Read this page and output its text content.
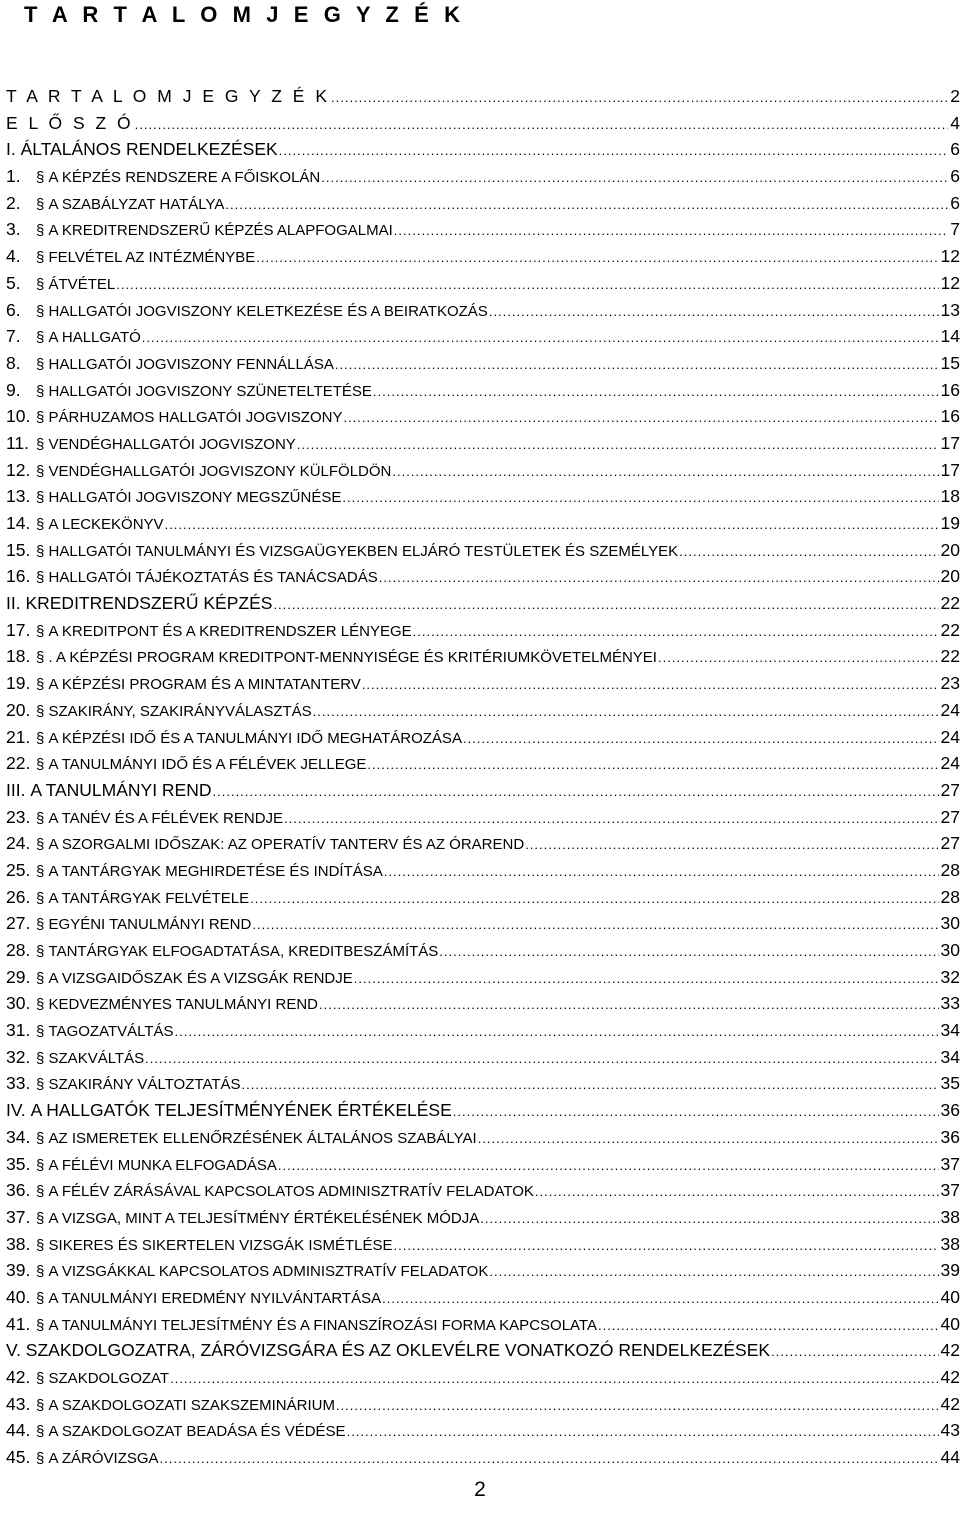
T A R T A L O M J E G Y Z É K
T A R T A L O M J E G Y Z É K .....	2
E L Ő S Z Ó .....	4
I. ÁLTALÁNOS RENDELKEZÉSEK .....	6
1.	§ A KÉPZÉS RENDSZERE A FŐISKOLÁN .....	6
2.	§ A SZABÁLYZAT HATÁLYA .....	6
3.	§ A KREDITRENDSZERŰ KÉPZÉS ALAPFOGALMAI .....	7
4.	§ FELVÉTEL AZ INTÉZMÉNYBE .....	12
5.	§ ÁTVÉTEL .....	12
6.	§ HALLGATÓI JOGVISZONY KELETKEZÉSE ÉS A BEIRATKOZÁS .....	13
7.	§ A HALLGATÓ .....	14
8.	§ HALLGATÓI JOGVISZONY FENNÁLLÁSA .....	15
9.	§ HALLGATÓI JOGVISZONY SZÜNETELTETÉSE .....	16
10. § PÁRHUZAMOS HALLGATÓI JOGVISZONY .....	16
11. § VENDÉGHALLGATÓI JOGVISZONY .....	17
12. § VENDÉGHALLGATÓI JOGVISZONY KÜLFÖLDÖN .....	17
13. § HALLGATÓI JOGVISZONY MEGSZŰNÉSE .....	18
14. § A LECKEKÖNYV .....	19
15. § HALLGATÓI TANULMÁNYI ÉS VIZSGAÜGYEKBEN ELJÁRÓ TESTÜLETEK ÉS SZEMÉLYEK .....	20
16. § HALLGATÓI TÁJÉKOZTATÁS ÉS TANÁCSADÁS .....	20
II. KREDITRENDSZERŰ KÉPZÉS .....	22
17. § A KREDITPONT ÉS A KREDITRENDSZER LÉNYEGE .....	22
18. § . A KÉPZÉSI PROGRAM KREDITPONT-MENNYISÉGE ÉS KRITÉRIUMKÖVETELMÉNYEI .....	22
19. § A KÉPZÉSI PROGRAM ÉS A MINTATANTERV .....	23
20. § SZAKIRÁNY, SZAKIRÁNYVÁLASZTÁS .....	24
21. § A KÉPZÉSI IDŐ ÉS A TANULMÁNYI IDŐ MEGHATÁROZÁSA .....	24
22. § A TANULMÁNYI IDŐ ÉS A FÉLÉVEK JELLEGE .....	24
III. A TANULMÁNYI REND .....	27
23. § A TANÉV ÉS A FÉLÉVEK RENDJE .....	27
24. § A SZORGALMI IDŐSZAK: AZ OPERATÍV TANTERV ÉS AZ ÓRAREND .....	27
25. § A TANTÁRGYAK MEGHIRDETÉSE ÉS INDÍTÁSA .....	28
26. § A TANTÁRGYAK FELVÉTELE .....	28
27. § EGYÉNI TANULMÁNYI REND .....	30
28. § TANTÁRGYAK ELFOGADTATÁSA, KREDITBESZÁMÍTÁS .....	30
29. § A VIZSGAIDŐSZAK ÉS A VIZSGÁK RENDJE .....	32
30. § KEDVEZMÉNYES TANULMÁNYI REND .....	33
31. § TAGOZATVÁLTÁS .....	34
32. § SZAKVÁLTÁS .....	34
33. § SZAKIRÁNY VÁLTOZTATÁS .....	35
IV. A HALLGATÓK TELJESÍTMÉNYÉNEK ÉRTÉKELÉSE .....	36
34. § AZ ISMERETEK ELLENŐRZÉSÉNEK ÁLTALÁNOS SZABÁLYAI .....	36
35. § A FÉLÉVI MUNKA ELFOGADÁSA .....	37
36. § A FÉLÉV ZÁRÁSÁVAL KAPCSOLATOS ADMINISZTRATÍV FELADATOK .....	37
37. § A VIZSGA, MINT A TELJESÍTMÉNY ÉRTÉKELÉSÉNEK MÓDJA .....	38
38. § SIKERES ÉS SIKERTELEN VIZSGÁK ISMÉTLÉSE .....	38
39. § A VIZSGÁKKAL KAPCSOLATOS ADMINISZTRATÍV FELADATOK .....	39
40. § A TANULMÁNYI EREDMÉNY NYILVÁNTARTÁSA .....	40
41. § A TANULMÁNYI TELJESÍTMÉNY ÉS A FINANSZÍROZÁSI FORMA KAPCSOLATA .....	40
V. SZAKDOLGOZATRA, ZÁRÓVIZSGÁRA ÉS AZ OKLEVÉLRE VONATKOZÓ RENDELKEZÉSEK .....	42
42. § SZAKDOLGOZAT .....	42
43. § A SZAKDOLGOZATI SZAKSZEMINÁRIUM .....	42
44. § A SZAKDOLGOZAT BEADÁSA ÉS VÉDÉSE .....	43
45. § A ZÁRÓVIZSGA .....	44
2
